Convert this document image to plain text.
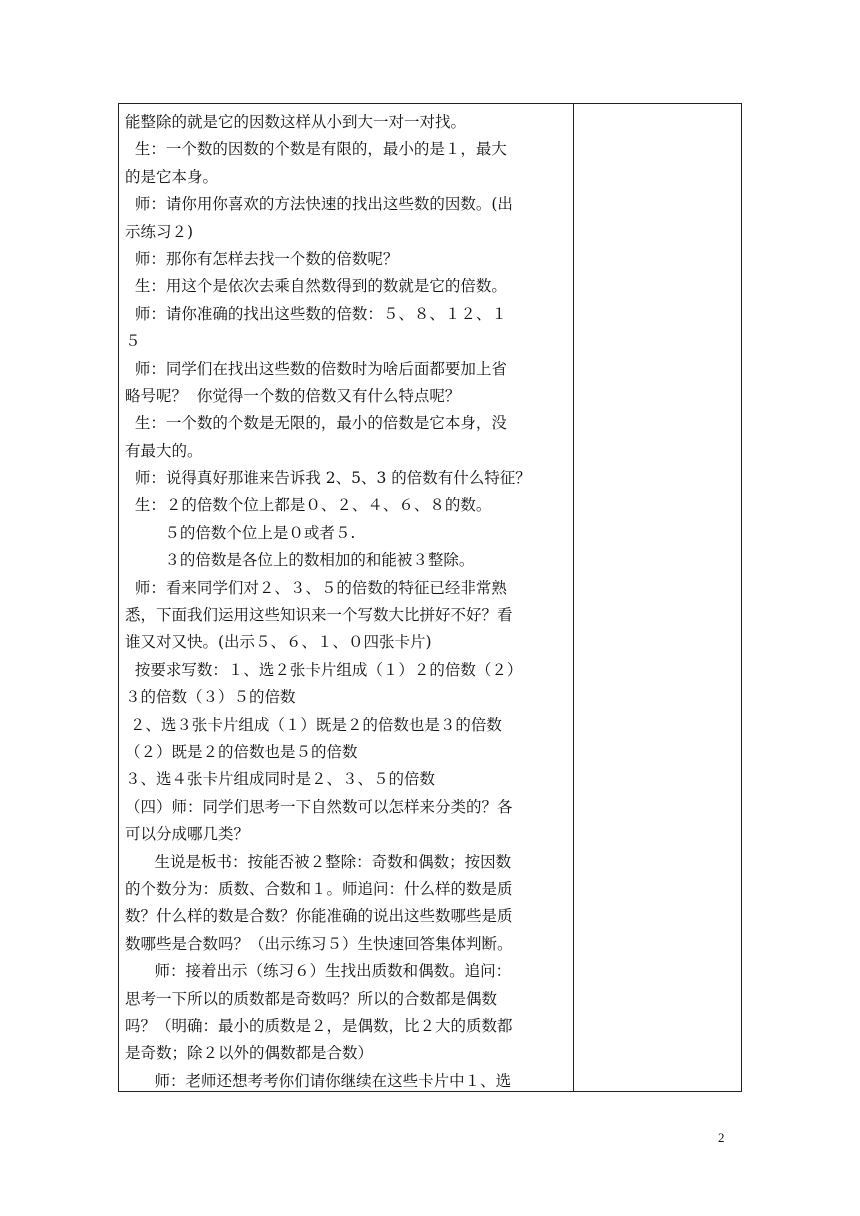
能整除的就是它的因数这样从小到大一对一对找。
生：一个数的因数的个数是有限的，最小的是１，最大
的是它本身。
师：请你用你喜欢的方法快速的找出这些数的因数。(出
示练习２)
师：那你有怎样去找一个数的倍数呢？
生：用这个是依次去乘自然数得到的数就是它的倍数。
师：请你准确的找出这些数的倍数：５、８、１２、１
５
师：同学们在找出这些数的倍数时为啥后面都要加上省
略号呢？  你觉得一个数的倍数又有什么特点呢？
生：一个数的个数是无限的，最小的倍数是它本身，没
有最大的。
师：说得真好那谁来告诉我 2、5、3 的倍数有什么特征？
生：２的倍数个位上都是０、２、４、６、８的数。
５的倍数个位上是０或者５.
３的倍数是各位上的数相加的和能被３整除。
师：看来同学们对２、３、５的倍数的特征已经非常熟
悉，下面我们运用这些知识来一个写数大比拼好不好？看
谁又对又快。(出示５、６、１、０四张卡片)
按要求写数：１、选２张卡片组成（１）２的倍数（２）
３的倍数（３）５的倍数
２、选３张卡片组成（１）既是２的倍数也是３的倍数
（２）既是２的倍数也是５的倍数
３、选４张卡片组成同时是２、３、５的倍数
（四）师：同学们思考一下自然数可以怎样来分类的？各
可以分成哪几类？
生说是板书：按能否被２整除：奇数和偶数；按因数
的个数分为：质数、合数和１。师追问：什么样的数是质
数？什么样的数是合数？你能准确的说出这些数哪些是质
数哪些是合数吗？（出示练习５）生快速回答集体判断。
师：接着出示（练习６）生找出质数和偶数。追问：
思考一下所以的质数都是奇数吗？所以的合数都是偶数
吗？（明确：最小的质数是２，是偶数，比２大的质数都
是奇数；除２以外的偶数都是合数）
师：老师还想考考你们请你继续在这些卡片中１、选
2
